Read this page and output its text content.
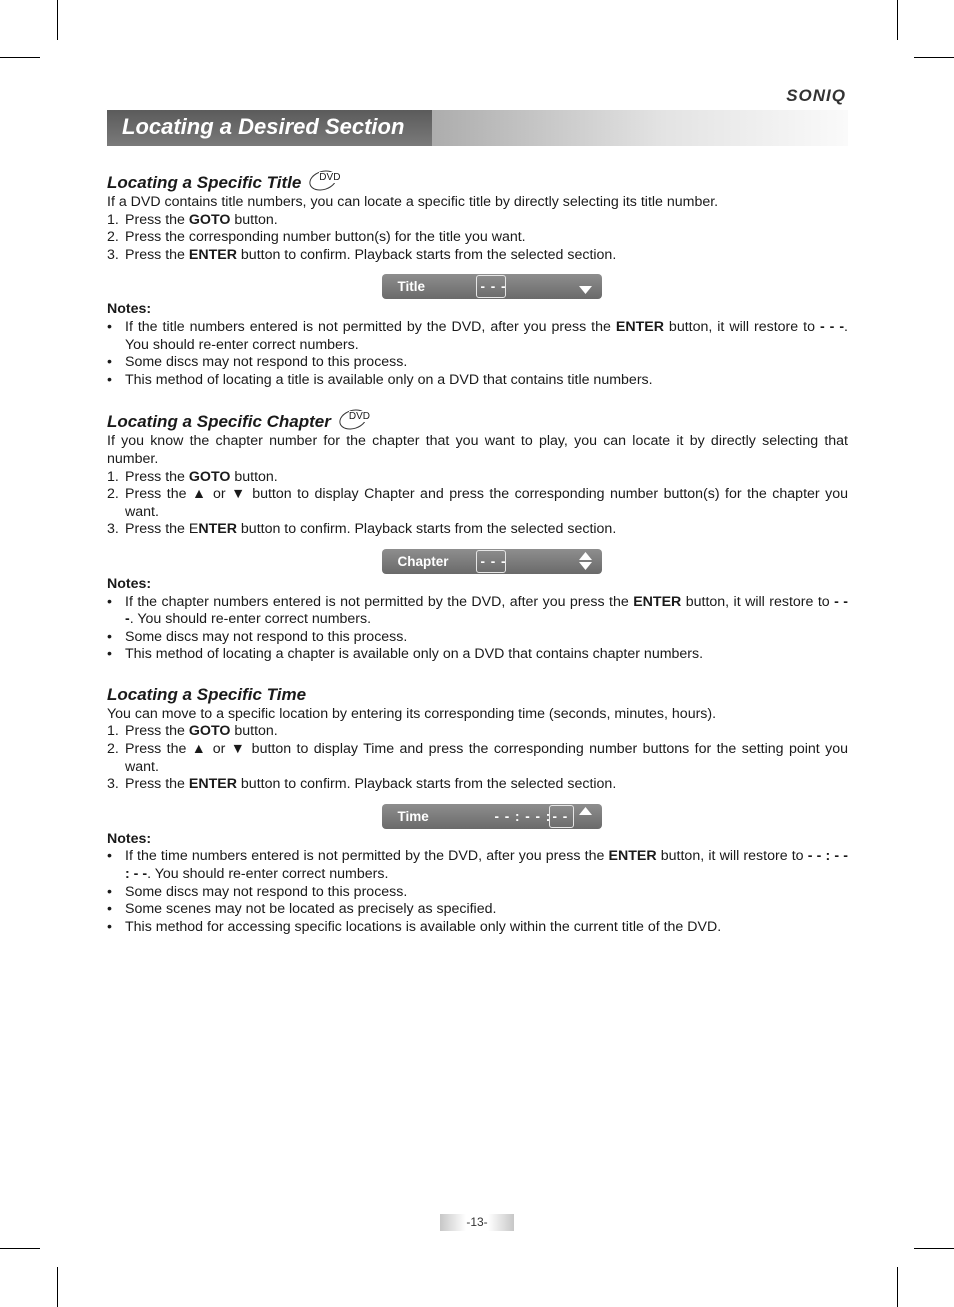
SONIQ
Locating a Desired Section
Locating a Specific Title DVD

If a DVD contains title numbers, you can locate a specific title by directly selecting its title number.

1. Press the GOTO button.
2. Press the corresponding number button(s) for the title you want.
3. Press the ENTER button to confirm. Playback starts from the selected section.
Title	- - -
Notes:
• If the title numbers entered is not permitted by the DVD, after you press the ENTER button, it will restore to - - -. You should re-enter correct numbers.
• Some discs may not respond to this process.
• This method of locating a title is available only on a DVD that contains title numbers.
Locating a Specific Chapter DVD

If you know the chapter number for the chapter that you want to play, you can locate it by directly selecting that number.

1. Press the GOTO button.
2. Press the ▲ or ▼ button to display Chapter and press the corresponding number button(s) for the chapter you want.
3. Press the ENTER button to confirm. Playback starts from the selected section.
Chapter - - -
Notes:
• If the chapter numbers entered is not permitted by the DVD, after you press the ENTER button, it will restore to - - -. You should re-enter correct numbers.
• Some discs may not respond to this process.
• This method of locating a chapter is available only on a DVD that contains chapter numbers.
Locating a Specific Time

You can move to a specific location by entering its corresponding time (seconds, minutes, hours).

1. Press the GOTO button.
2. Press the ▲ or ▼ button to display Time and press the corresponding number buttons for the setting point you want.
3. Press the ENTER button to confirm. Playback starts from the selected section.
Time	- - : - - : - -
Notes:
• If the time numbers entered is not permitted by the DVD, after you press the ENTER button, it will restore to - - : - - : - -. You should re-enter correct numbers.
• Some discs may not respond to this process.
• Some scenes may not be located as precisely as specified.
• This method for accessing specific locations is available only within the current title of the DVD.
-13-
